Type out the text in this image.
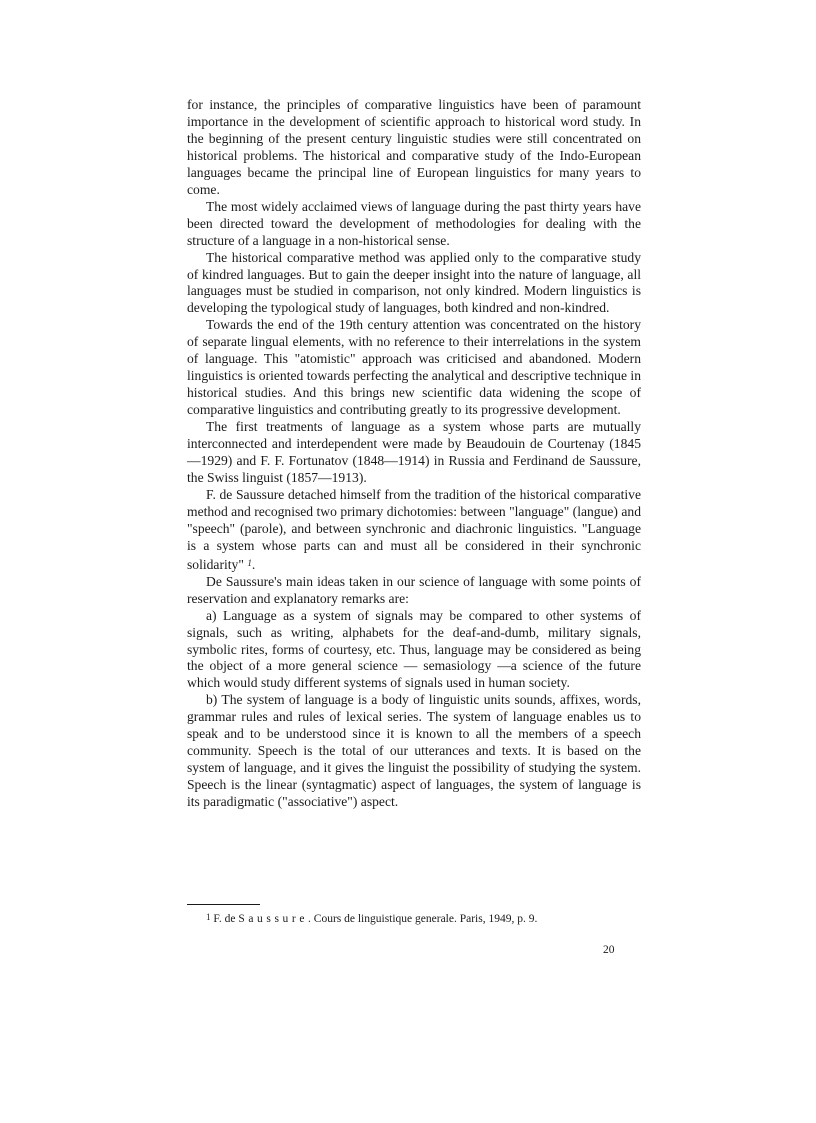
for instance, the principles of comparative linguistics have been of paramount importance in the development of scientific approach to historical word study. In the beginning of the present century linguistic studies were still concentrated on historical problems. The historical and comparative study of the Indo-European languages became the principal line of European linguistics for many years to come.

The most widely acclaimed views of language during the past thirty years have been directed toward the development of methodologies for dealing with the structure of a language in a non-historical sense.

The historical comparative method was applied only to the comparative study of kindred languages. But to gain the deeper insight into the nature of language, all languages must be studied in comparison, not only kindred. Modern linguistics is developing the typological study of languages, both kindred and non-kindred.

Towards the end of the 19th century attention was concentrated on the history of separate lingual elements, with no reference to their interrelations in the system of language. This "atomistic" approach was criticised and abandoned. Modern linguistics is oriented towards perfecting the analytical and descriptive technique in historical studies. And this brings new scientific data widening the scope of comparative linguistics and contributing greatly to its progressive development.

The first treatments of language as a system whose parts are mutually interconnected and interdependent were made by Beaudouin de Courtenay (1845—1929) and F. F. Fortunatov (1848—1914) in Russia and Ferdinand de Saussure, the Swiss linguist (1857—1913).

F. de Saussure detached himself from the tradition of the historical comparative method and recognised two primary dichotomies: between "language" (langue) and "speech" (parole), and between synchronic and diachronic linguistics. "Language is a system whose parts can and must all be considered in their synchronic solidarity" $^1$.

De Saussure's main ideas taken in our science of language with some points of reservation and explanatory remarks are:

a) Language as a system of signals may be compared to other systems of signals, such as writing, alphabets for the deaf-and-dumb, military signals, symbolic rites, forms of courtesy, etc. Thus, language may be considered as being the object of a more general science — semasiology —a science of the future which would study different systems of signals used in human society.

b) The system of language is a body of linguistic units sounds, affixes, words, grammar rules and rules of lexical series. The system of language enables us to speak and to be understood since it is known to all the members of a speech community. Speech is the total of our utterances and texts. It is based on the system of language, and it gives the linguist the possibility of studying the system. Speech is the linear (syntagmatic) aspect of languages, the system of language is its paradigmatic ("associative") aspect.

$^1$ F. de Saussure. Cours de linguistique generale. Paris, 1949, p. 9.
20
